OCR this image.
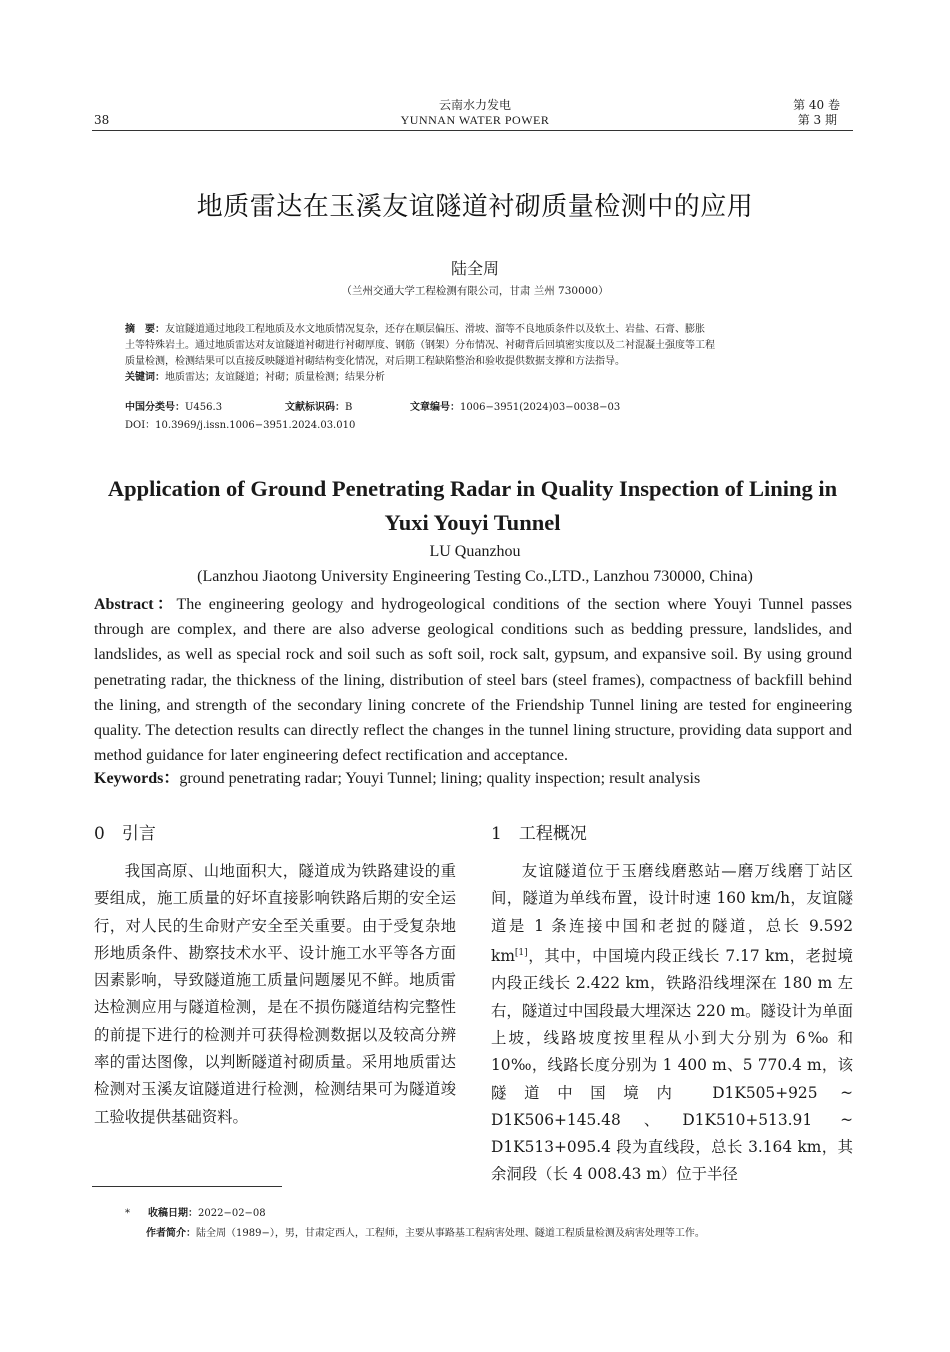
38
云南水力发电
YUNNAN WATER POWER
第 40 卷
第 3 期
地质雷达在玉溪友谊隧道衬砌质量检测中的应用
陆全周
（兰州交通大学工程检测有限公司，甘肃 兰州 730000）
摘　要：友谊隧道通过地段工程地质及水文地质情况复杂，还存在顺层偏压、滑坡、溜等不良地质条件以及软土、岩盐、石膏、膨胀
土等特殊岩土。通过地质雷达对友谊隧道衬砌进行衬砌厚度、钢筋（钢架）分布情况、衬砌背后回填密实度以及二衬混凝土强度等工程
质量检测，检测结果可以直接反映隧道衬砌结构变化情况，对后期工程缺陷整治和验收提供数据支撑和方法指导。
关键词：地质雷达；友谊隧道；衬砌；质量检测；结果分析
中国分类号：U456.3	文献标识码：B	文章编号：1006−3951(2024)03−0038−03
DOI：10.3969/j.issn.1006−3951.2024.03.010
Application of Ground Penetrating Radar in Quality Inspection of Lining in
Yuxi Youyi Tunnel
LU Quanzhou
(Lanzhou Jiaotong University Engineering Testing Co.,LTD., Lanzhou 730000, China)
Abstract：The engineering geology and hydrogeological conditions of the section where Youyi Tunnel passes through are complex, and there are also adverse geological conditions such as bedding pressure, landslides, and landslides, as well as special rock and soil such as soft soil, rock salt, gypsum, and expansive soil. By using ground penetrating radar, the thickness of the lining, distribution of steel bars (steel frames), compactness of backfill behind the lining, and strength of the secondary lining concrete of the Friendship Tunnel lining are tested for engineering quality. The detection results can directly reflect the changes in the tunnel lining structure, providing data support and method guidance for later engineering defect rectification and acceptance.
Keywords：ground penetrating radar; Youyi Tunnel; lining; quality inspection; result analysis
0　引言

我国高原、山地面积大，隧道成为铁路建设的重要组成，施工质量的好坏直接影响铁路后期的安全运行，对人民的生命财产安全至关重要。由于受复杂地形地质条件、勘察技术水平、设计施工水平等各方面因素影响，导致隧道施工质量问题屡见不鲜。地质雷达检测应用与隧道检测，是在不损伤隧道结构完整性的前提下进行的检测并可获得检测数据以及较高分辨率的雷达图像，以判断隧道衬砌质量。采用地质雷达检测对玉溪友谊隧道进行检测，检测结果可为隧道竣工验收提供基础资料。

1　工程概况

友谊隧道位于玉磨线磨憨站—磨万线磨丁站区间，隧道为单线布置，设计时速 160 km/h，友谊隧道是 1 条连接中国和老挝的隧道，总长 9.592 km[1]，其中，中国境内段正线长 7.17 km，老挝境内段正线长 2.422 km，铁路沿线埋深在 180 m 左右，隧道过中国段最大埋深达 220 m。隧设计为单面上坡，线路坡度按里程从小到大分别为 6‰ 和 10‰，线路长度分别为 1 400 m、5 770.4 m，该隧道中国境内 D1K505+925 ~ D1K506+145.48、D1K510+513.91 ~ D1K513+095.4 段为直线段，总长 3.164 km，其余洞段（长 4 008.43 m）位于半径

* 收稿日期：2022−02−08
作者简介：陆全周（1989−），男，甘肃定西人，工程师，主要从事路基工程病害处理、隧道工程质量检测及病害处理等工作。
